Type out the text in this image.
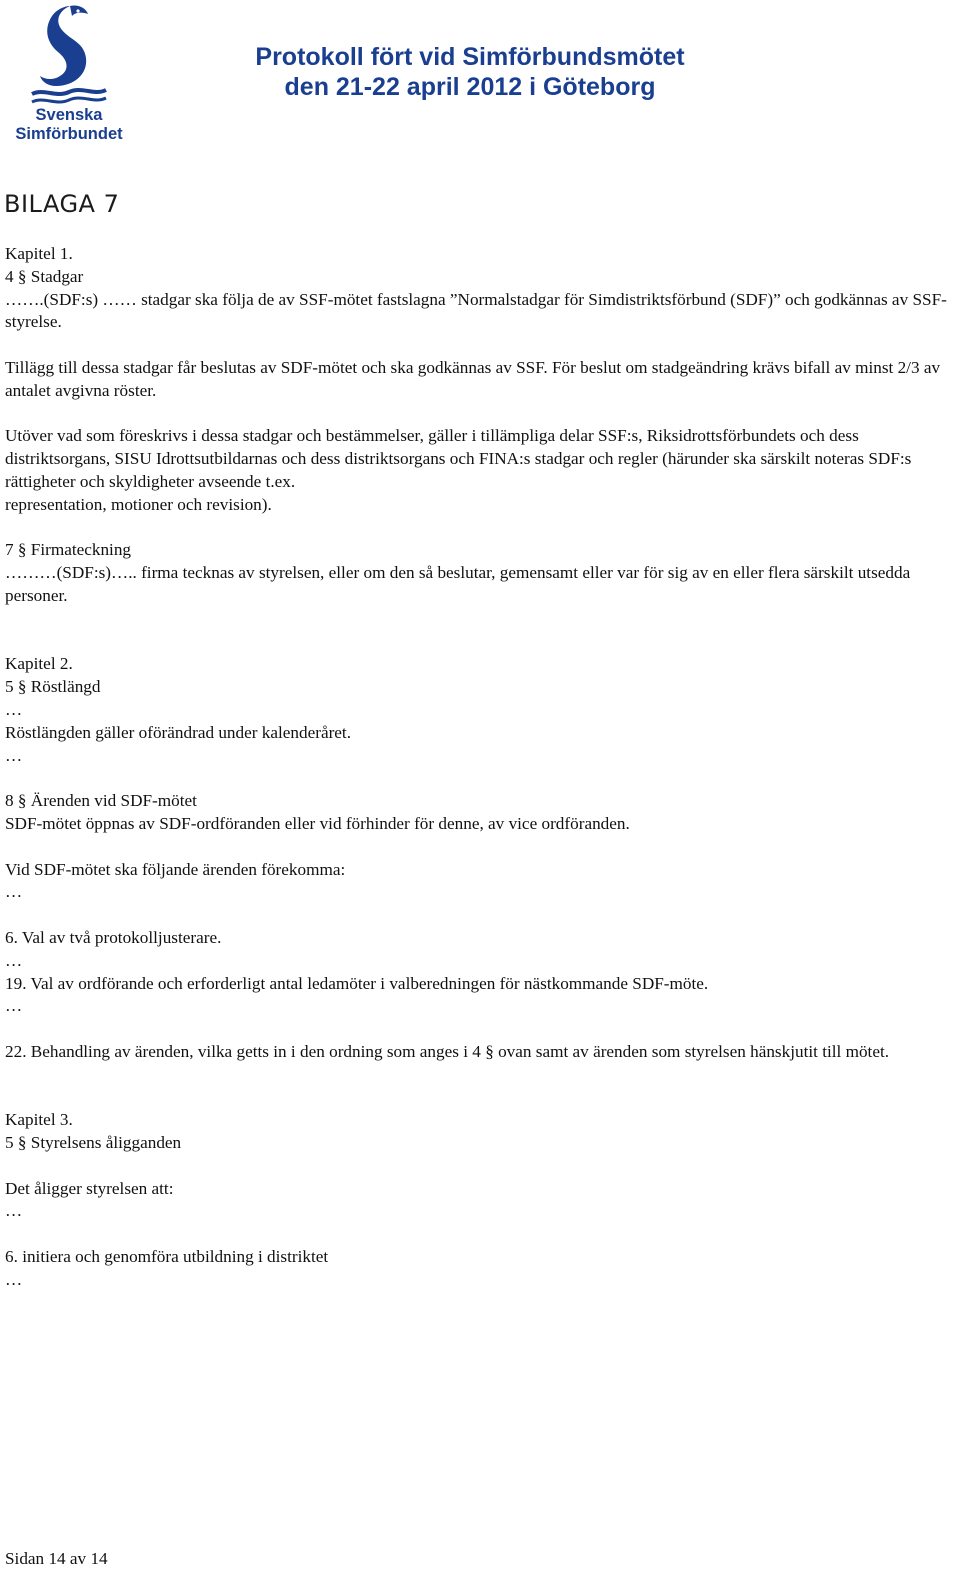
Svenska
Simförbundet
Protokoll fört vid Simförbundsmötet
den 21-22 april 2012 i Göteborg
BILAGA 7

Kapitel 1.

4 § Stadgar

…….(SDF:s) …… stadgar ska följa de av SSF-mötet fastslagna ”Normalstadgar för Simdistriktsförbund (SDF)” och godkännas av SSF-styrelse.

Tillägg till dessa stadgar får beslutas av SDF-mötet och ska godkännas av SSF. För beslut om stadgeändring krävs bifall av minst 2/3 av antalet avgivna röster.

Utöver vad som föreskrivs i dessa stadgar och bestämmelser, gäller i tillämpliga delar SSF:s, Riksidrottsförbundets och dess distriktsorgans, SISU Idrottsutbildarnas och dess distriktsorgans och FINA:s stadgar och regler (härunder ska särskilt noteras SDF:s rättigheter och skyldigheter avseende t.ex.

representation, motioner och revision).

7 § Firmateckning

………(SDF:s)….. firma tecknas av styrelsen, eller om den så beslutar, gemensamt eller var för sig av en eller flera särskilt utsedda personer.

Kapitel 2.

5 § Röstlängd

…

Röstlängden gäller oförändrad under kalenderåret.

…

8 § Ärenden vid SDF-mötet

SDF-mötet öppnas av SDF-ordföranden eller vid förhinder för denne, av vice ordföranden.

Vid SDF-mötet ska följande ärenden förekomma:

…

6. Val av två protokolljusterare.

…

19. Val av ordförande och erforderligt antal ledamöter i valberedningen för nästkommande SDF-möte.

…

22. Behandling av ärenden, vilka getts in i den ordning som anges i 4 § ovan samt av ärenden som styrelsen hänskjutit till mötet.

Kapitel 3.

5 § Styrelsens åligganden

Det åligger styrelsen att:

…

6. initiera och genomföra utbildning i distriktet

…

Sidan 14 av 14
